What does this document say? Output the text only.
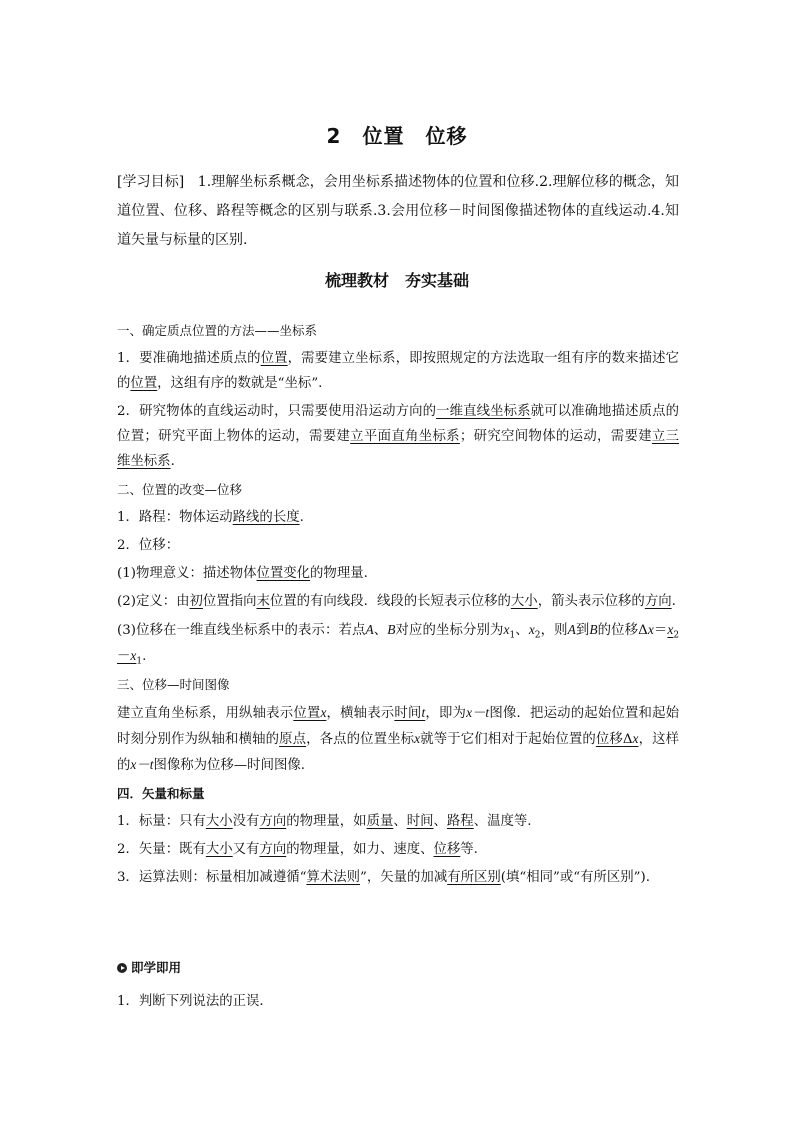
2　位置　位移
[学习目标] 1.理解坐标系概念，会用坐标系描述物体的位置和位移.2.理解位移的概念，知道位置、位移、路程等概念的区别与联系.3.会用位移－时间图像描述物体的直线运动.4.知道矢量与标量的区别.
梳理教材　夯实基础

一、确定质点位置的方法——坐标系

1．要准确地描述质点的位置，需要建立坐标系，即按照规定的方法选取一组有序的数来描述它的位置，这组有序的数就是“坐标”.

2．研究物体的直线运动时，只需要使用沿运动方向的一维直线坐标系就可以准确地描述质点的位置；研究平面上物体的运动，需要建立平面直角坐标系；研究空间物体的运动，需要建立三维坐标系.

二、位置的改变—位移

1．路程：物体运动路线的长度.

2．位移：

(1)物理意义：描述物体位置变化的物理量.

(2)定义：由初位置指向末位置的有向线段．线段的长短表示位移的大小，箭头表示位移的方向.

(3)位移在一维直线坐标系中的表示：若点A、B对应的坐标分别为$x_1$、$x_2$，则A到B的位移$\Delta x=x_2-x_1$.

三、位移—时间图像

建立直角坐标系，用纵轴表示位置x，横轴表示时间t，即为x－t图像．把运动的起始位置和起始时刻分别作为纵轴和横轴的原点，各点的位置坐标x就等于它们相对于起始位置的位移Δx，这样的x－t图像称为位移—时间图像.

四．矢量和标量

1．标量：只有大小没有方向的物理量，如质量、时间、路程、温度等.

2．矢量：既有大小又有方向的物理量，如力、速度、位移等.

3．运算法则：标量相加减遵循“算术法则”，矢量的加减有所区别(填“相同”或“有所区别”).

即学即用
1．判断下列说法的正误．
